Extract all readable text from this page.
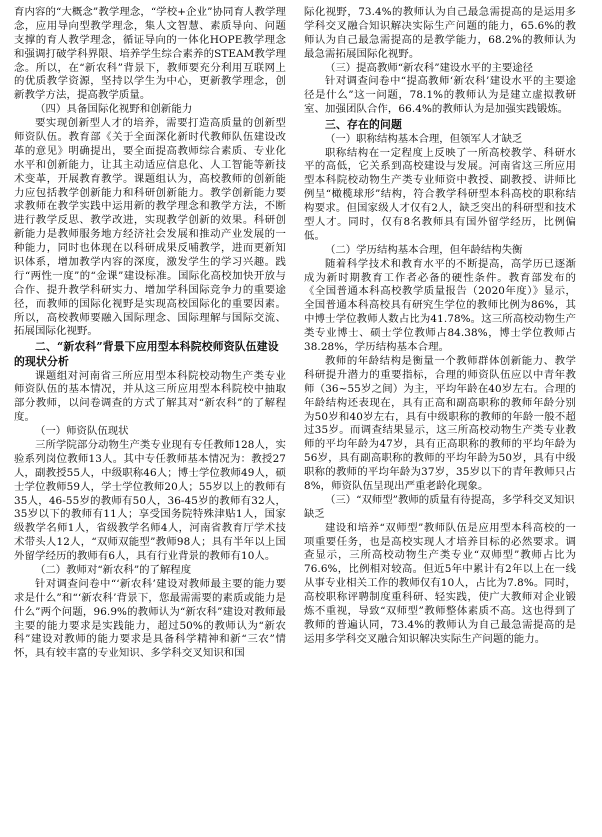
育内容的“大概念”教学理念，“学校+企业”协同育人教学理念，应用导向型教学理念，集人文智慧、素质导向、问题支撑的育人教学理念，循证导向的一体化HOPE教学理念和强调打破学科界限、培养学生综合素养的STEAM教学理念。所以，在“新农科”背景下，教师要充分利用互联网上的优质教学资源，坚持以学生为中心，更新教学理念，创新教学方法，提高教学质量。

（四）具备国际化视野和创新能力

要实现创新型人才的培养，需要打造高质量的创新型师资队伍。教育部《关于全面深化新时代教师队伍建设改革的意见》明确提出，要全面提高教师综合素质、专业化水平和创新能力，让其主动适应信息化、人工智能等新技术变革，开展教育教学。课题组认为，高校教师的创新能力应包括教学创新能力和科研创新能力。教学创新能力要求教师在教学实践中运用新的教学理念和教学方法，不断进行教学反思、教学改进，实现教学创新的效果。科研创新能力是教师服务地方经济社会发展和推动产业发展的一种能力，同时也体现在以科研成果反哺教学，进而更新知识体系，增加教学内容的深度，激发学生的学习兴趣。践行“两性一度”的“金课”建设标准。国际化高校加快开放与合作、提升教学科研实力、增加学科国际竞争力的重要途径，而教师的国际化视野是实现高校国际化的重要因素。所以，高校教师要融入国际理念、国际理解与国际交流、拓展国际化视野。

二、“新农科”背景下应用型本科院校师资队伍建设的现状分析

课题组对河南省三所应用型本科院校动物生产类专业师资队伍的基本情况，并从这三所应用型本科院校中抽取部分教师，以问卷调查的方式了解其对“新农科”的了解程度。

（一）师资队伍现状

三所学院部分动物生产类专业现有专任教师128人，实验系列岗位教师13人。其中专任教师基本情况为：教授27人，副教授55人，中级职称46人；博士学位教师49人，硕士学位教师59人，学士学位教师20人；55岁以上的教师有35人，46-55岁的教师有50人，36-45岁的教师有32人，35岁以下的教师有11人；享受国务院特殊津贴1人，国家级教学名师1人，省级教学名师4人，河南省教育厅学术技术带头人12人，“双师双能型”教师98人；具有半年以上国外留学经历的教师有6人，具有行业背景的教师有10人。

（二）教师对“新农科”的了解程度

针对调查问卷中“‘新农科’建设对教师最主要的能力要求是什么”和“‘新农科’背景下，您最需需要的素质或能力是什么”两个问题，96.9%的教师认为“新农科”建设对教师最主要的能力要求是实践能力，超过50%的教师认为“新农科”建设对教师的能力要求是具备科学精神和新“三农”情怀，具有较丰富的专业知识、多学科交叉知识和国

际化视野，73.4%的教师认为自己最急需提高的是运用多学科交叉融合知识解决实际生产问题的能力，65.6%的教师认为自己最急需提高的是教学能力，68.2%的教师认为最急需拓展国际化视野。

（三）提高教师“新农科”建设水平的主要途径

针对调查问卷中“提高教师‘新农科’建设水平的主要途径是什么”这一问题，78.1%的教师认为是建立虚拟教研室、加强团队合作，66.4%的教师认为是加强实践锻炼。

三、存在的问题
（一）职称结构基本合理，但领军人才缺乏

职称结构在一定程度上反映了一所高校教学、科研水平的高低，它关系到高校建设与发展。河南省这三所应用型本科院校动物生产类专业师资中教授、副教授、讲师比例呈“橄榄球形”结构，符合教学科研型本科高校的职称结构要求。但国家级人才仅有2人，缺乏突出的科研型和技术型人才。同时，仅有8名教师具有国外留学经历，比例偏低。

（二）学历结构基本合理，但年龄结构失衡

随着科学技术和教育水平的不断提高，高学历已逐渐成为新时期教育工作者必备的硬性条件。教育部发布的《全国普通本科高校教学质量报告（2020年度）》显示，全国普通本科高校具有研究生学位的教师比例为86%，其中博士学位教师人数占比为41.78%。这三所高校动物生产类专业博士、硕士学位教师占84.38%，博士学位教师占38.28%，学历结构基本合理。

教师的年龄结构是衡量一个教师群体创新能力、教学科研提升潜力的重要指标，合理的师资队伍应以中青年教师（36~55岁之间）为主，平均年龄在40岁左右。合理的年龄结构还表现在，具有正高和副高职称的教师年龄分别为50岁和40岁左右，具有中级职称的教师的年龄一般不超过35岁。而调查结果显示，这三所高校动物生产类专业教师的平均年龄为47岁，具有正高职称的教师的平均年龄为56岁，具有副高职称的教师的平均年龄为50岁，具有中级职称的教师的平均年龄为37岁，35岁以下的青年教师只占8%，师资队伍呈现出严重老龄化现象。

（三）“双师型”教师的质量有待提高，多学科交叉知识缺乏

建设和培养“双师型”教师队伍是应用型本科高校的一项重要任务，也是高校实现人才培养目标的必然要求。调查显示，三所高校动物生产类专业“双师型”教师占比为76.6%，比例相对较高。但近5年中累计有2年以上在一线从事专业相关工作的教师仅有10人，占比为7.8%。同时，高校职称评聘制度重科研、轻实践，使广大教师对企业锻炼不重视，导致“双师型”教师整体素质不高。这也得到了教师的普遍认同，73.4%的教师认为自己最急需提高的是运用多学科交叉融合知识解决实际生产问题的能力。
